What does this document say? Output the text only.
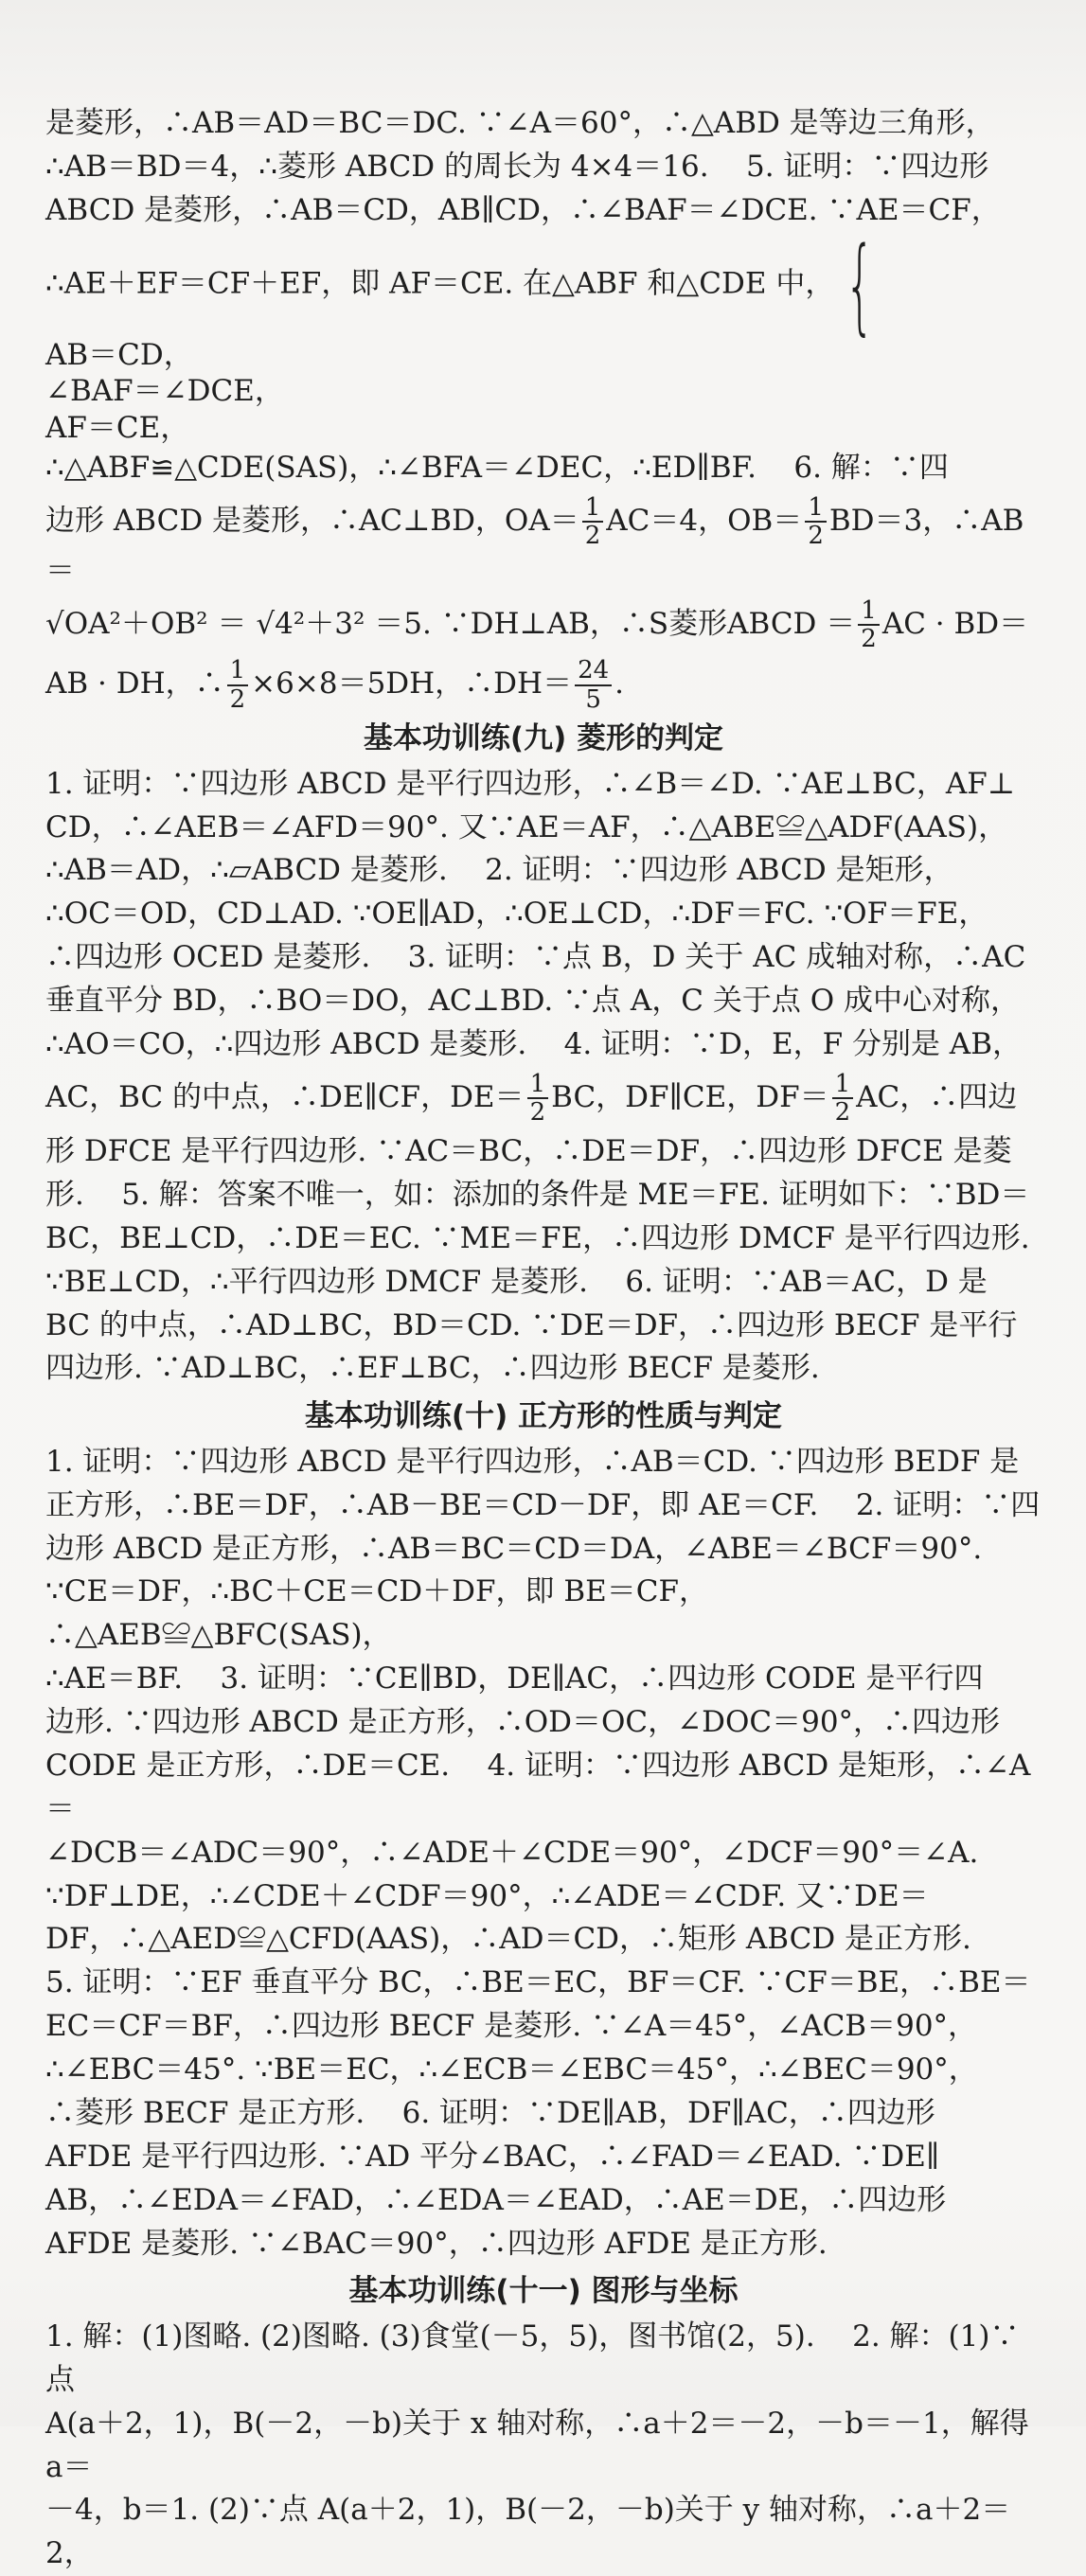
是菱形，∴AB＝AD＝BC＝DC. ∵∠A＝60°，∴△ABD 是等边三角形，
∴AB＝BD＝4，∴菱形 ABCD 的周长为 4×4＝16.    5. 证明：∵四边形
ABCD 是菱形，∴AB＝CD，AB∥CD，∴∠BAF＝∠DCE. ∵AE＝CF，
∴AE＋EF＝CF＋EF，即 AF＝CE. 在△ABF 和△CDE 中， {
AB＝CD，
∠BAF＝∠DCE，
AF＝CE，
∴△ABF≌△CDE(SAS)，∴∠BFA＝∠DEC，∴ED∥BF.    6. 解：∵四
边形 ABCD 是菱形，∴AC⊥BD，$OA= \frac{1}{2} AC=4$，$OB= \frac{1}{2} BD=3$，∴AB＝
√OA²＋OB² ＝ √4²＋3² ＝5. ∵DH⊥AB，∴S菱形ABCD ＝ $\frac{1}{2}$ AC · BD＝
AB · DH，∴ $\frac{1}{2} \times 6\times 8=5DH$，∴DH＝ $\frac{24}{5}$ .
基本功训练(九) 菱形的判定
1. 证明：∵四边形 ABCD 是平行四边形，∴∠B＝∠D. ∵AE⊥BC，AF⊥
CD，∴∠AEB＝∠AFD＝90°. 又∵AE＝AF，∴△ABE≌△ADF(AAS)，
∴AB＝AD，∴▱ABCD 是菱形.    2. 证明：∵四边形 ABCD 是矩形，
∴OC＝OD，CD⊥AD. ∵OE∥AD，∴OE⊥CD，∴DF＝FC. ∵OF＝FE，
∴四边形 OCED 是菱形.    3. 证明：∵点 B，D 关于 AC 成轴对称，∴AC
垂直平分 BD，∴BO＝DO，AC⊥BD. ∵点 A，C 关于点 O 成中心对称，
∴AO＝CO，∴四边形 ABCD 是菱形.    4. 证明：∵D，E，F 分别是 AB，
AC，BC 的中点，∴DE∥CF，$DE= \frac{1}{2}$ BC，DF∥CE，$DF= \frac{1}{2}$ AC，∴四边
形 DFCE 是平行四边形. ∵AC＝BC，∴DE＝DF，∴四边形 DFCE 是菱
形.    5. 解：答案不唯一，如：添加的条件是 ME＝FE. 证明如下：∵BD＝
BC，BE⊥CD，∴DE＝EC. ∵ME＝FE，∴四边形 DMCF 是平行四边形.
∵BE⊥CD，∴平行四边形 DMCF 是菱形.    6. 证明：∵AB＝AC，D 是
BC 的中点，∴AD⊥BC，BD＝CD. ∵DE＝DF，∴四边形 BECF 是平行
四边形. ∵AD⊥BC，∴EF⊥BC，∴四边形 BECF 是菱形.
基本功训练(十) 正方形的性质与判定
1. 证明：∵四边形 ABCD 是平行四边形，∴AB＝CD. ∵四边形 BEDF 是
正方形，∴BE＝DF，∴AB－BE＝CD－DF，即 AE＝CF.    2. 证明：∵四
边形 ABCD 是正方形，∴AB＝BC＝CD＝DA，∠ABE＝∠BCF＝90°.
∵CE＝DF，∴BC＋CE＝CD＋DF，即 BE＝CF，∴△AEB≌△BFC(SAS)，
∴AE＝BF.    3. 证明：∵CE∥BD，DE∥AC，∴四边形 CODE 是平行四
边形. ∵四边形 ABCD 是正方形，∴OD＝OC，∠DOC＝90°，∴四边形
CODE 是正方形，∴DE＝CE.    4. 证明：∵四边形 ABCD 是矩形，∴∠A＝
∠DCB＝∠ADC＝90°，∴∠ADE＋∠CDE＝90°，∠DCF＝90°＝∠A.
∵DF⊥DE，∴∠CDE＋∠CDF＝90°，∴∠ADE＝∠CDF. 又∵DE＝
DF，∴△AED≌△CFD(AAS)，∴AD＝CD，∴矩形 ABCD 是正方形.
5. 证明：∵EF 垂直平分 BC，∴BE＝EC，BF＝CF. ∵CF＝BE，∴BE＝
EC＝CF＝BF，∴四边形 BECF 是菱形. ∵∠A＝45°，∠ACB＝90°，
∴∠EBC＝45°. ∵BE＝EC，∴∠ECB＝∠EBC＝45°，∴∠BEC＝90°，
∴菱形 BECF 是正方形.    6. 证明：∵DE∥AB，DF∥AC，∴四边形
AFDE 是平行四边形. ∵AD 平分∠BAC，∴∠FAD＝∠EAD. ∵DE∥
AB，∴∠EDA＝∠FAD，∴∠EDA＝∠EAD，∴AE＝DE，∴四边形
AFDE 是菱形. ∵∠BAC＝90°，∴四边形 AFDE 是正方形.
基本功训练(十一) 图形与坐标
1. 解：(1)图略. (2)图略. (3)食堂(－5，5)，图书馆(2，5).    2. 解：(1)∵点
A(a＋2，1)，B(－2，－b)关于 x 轴对称，∴a＋2＝－2，－b＝－1，解得 a＝
－4，b＝1. (2)∵点 A(a＋2，1)，B(－2，－b)关于 y 轴对称，∴a＋2＝2，
